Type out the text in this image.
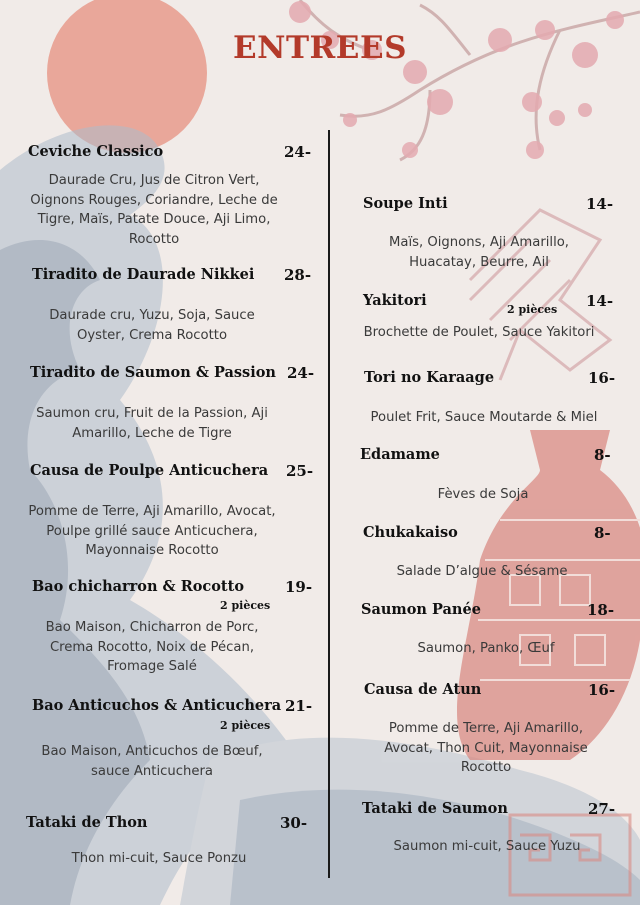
ENTREES
Ceviche Classico	24-
Daurade Cru, Jus de Citron Vert, Oignons Rouges, Coriandre, Leche de Tigre, Maïs, Patate Douce, Aji Limo, Rocotto
Tiradito de Daurade Nikkei 28-
Daurade cru, Yuzu, Soja, Sauce Oyster, Crema Rocotto
Tiradito de Saumon & Passion 24-
Saumon cru, Fruit de la Passion, Aji Amarillo, Leche de Tigre
Causa de Poulpe Anticuchera 25-
Pomme de Terre, Aji Amarillo, Avocat, Poulpe grillé sauce Anticuchera, Mayonnaise Rocotto
Bao chicharron & Rocotto	19-
2 pièces
Bao Maison, Chicharron de Porc, Crema Rocotto, Noix de Pécan, Fromage Salé
Bao Anticuchos & Anticuchera 21-
2 pièces
Bao Maison, Anticuchos de Bœuf, sauce Anticuchera
Tataki de Thon	30-
Thon mi-cuit, Sauce Ponzu
Soupe Inti	14-
Maïs, Oignons, Aji Amarillo, Huacatay, Beurre, Ail
Yakitori	14-
2 pièces
Brochette de Poulet, Sauce Yakitori
Tori no Karaage	16-
Poulet Frit, Sauce Moutarde & Miel
Edamame	8-
Fèves de Soja
Chukakaiso	8-
Salade D’algue & Sésame
Saumon Panée	18-
Saumon, Panko, Œuf
Causa de Atun	16-
Pomme de Terre, Aji Amarillo, Avocat, Thon Cuit, Mayonnaise Rocotto
Tataki de Saumon	27-
Saumon mi-cuit, Sauce Yuzu
